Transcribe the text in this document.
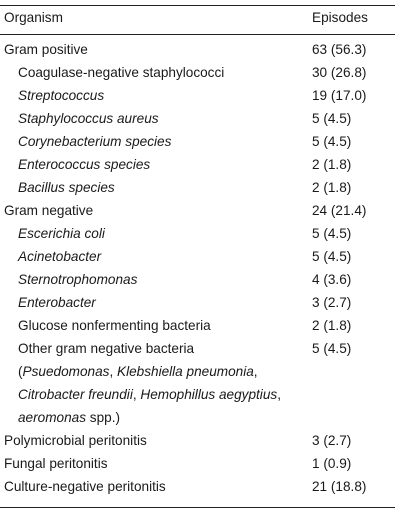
Organism	Episodes
Gram positive	63 (56.3)
Coagulase-negative staphylococci	30 (26.8)
Streptococcus	19 (17.0)
Staphylococcus aureus	5 (4.5)
Corynebacterium species	5 (4.5)
Enterococcus species	2 (1.8)
Bacillus species	2 (1.8)
Gram negative	24 (21.4)
Escerichia coli	5 (4.5)
Acinetobacter	5 (4.5)
Sternotrophomonas	4 (3.6)
Enterobacter	3 (2.7)
Glucose nonfermenting bacteria	2 (1.8)
Other gram negative bacteria	5 (4.5)
(Psuedomonas, Klebshiella pneumonia,
Citrobacter freundii, Hemophillus aegyptius,
aeromonas spp.)
Polymicrobial peritonitis	3 (2.7)
Fungal peritonitis	1 (0.9)
Culture-negative peritonitis	21 (18.8)
